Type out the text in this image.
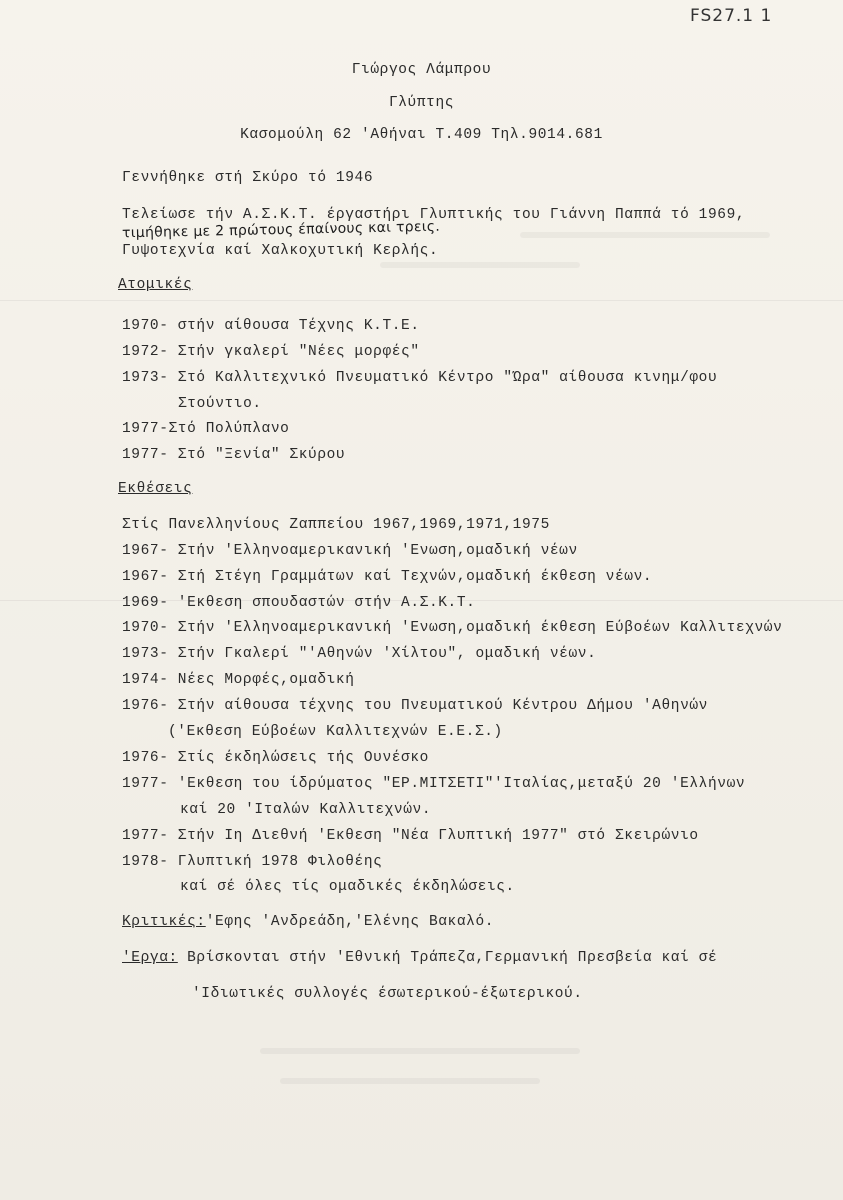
FS27.1 1
Γιώργος Λάμπρου
Γλύπτης
Κασομούλη 62 'Αθήναι Τ.409 Τηλ.9014.681
Γεννήθηκε στή Σκύρο τό 1946
Τελείωσε τήν Α.Σ.Κ.Τ. έργαστήρι Γλυπτικής του Γιάννη Παππά τό 1969,
τιμήθηκε με 2 πρώτους έπαίνους και τρεις.
Γυψοτεχνία καί Χαλκοχυτική Κερλής.
Ατομικές
1970- στήν αίθουσα Τέχνης Κ.Τ.Ε.
1972- Στήν γκαλερί "Νέες μορφές"
1973- Στό Καλλιτεχνικό Πνευματικό Κέντρο "Ώρα" αίθουσα κινημ/φου
Στούντιο.
1977-Στό Πολύπλανο
1977- Στό "Ξενία" Σκύρου
Εκθέσεις
Στίς Πανελληνίους Ζαππείου 1967,1969,1971,1975
1967- Στήν 'Ελληνοαμερικανική 'Ενωση,ομαδική νέων
1967- Στή Στέγη Γραμμάτων καί Τεχνών,ομαδική έκθεση νέων.
1969- 'Εκθεση σπουδαστών στήν Α.Σ.Κ.Τ.
1970- Στήν 'Ελληνοαμερικανική 'Ενωση,ομαδική έκθεση Εύβοέων Καλλιτεχνών
1973- Στήν Γκαλερί "'Αθηνών 'Χίλτου", ομαδική νέων.
1974- Νέες Μορφές,ομαδική
1976- Στήν αίθουσα τέχνης του Πνευματικού Κέντρου Δήμου 'Αθηνών
('Εκθεση Εύβοέων Καλλιτεχνών Ε.Ε.Σ.)
1976- Στίς έκδηλώσεις τής Ουνέσκο
1977- 'Εκθεση του ίδρύματος "ΕΡ.ΜΙΤΣΕΤΙ"'Ιταλίας,μεταξύ 20 'Ελλήνων
καί 20 'Ιταλών Καλλιτεχνών.
1977- Στήν Ιη Διεθνή 'Εκθεση "Νέα Γλυπτική 1977" στό Σκειρώνιο
1978- Γλυπτική 1978 Φιλοθέης
καί σέ όλες τίς ομαδικές έκδηλώσεις.
Κριτικές:'Εφης 'Ανδρεάδη,'Ελένης Βακαλό.
'Εργα: Βρίσκονται στήν 'Εθνική Τράπεζα,Γερμανική Πρεσβεία καί σέ
'Ιδιωτικές συλλογές έσωτερικού-έξωτερικού.
